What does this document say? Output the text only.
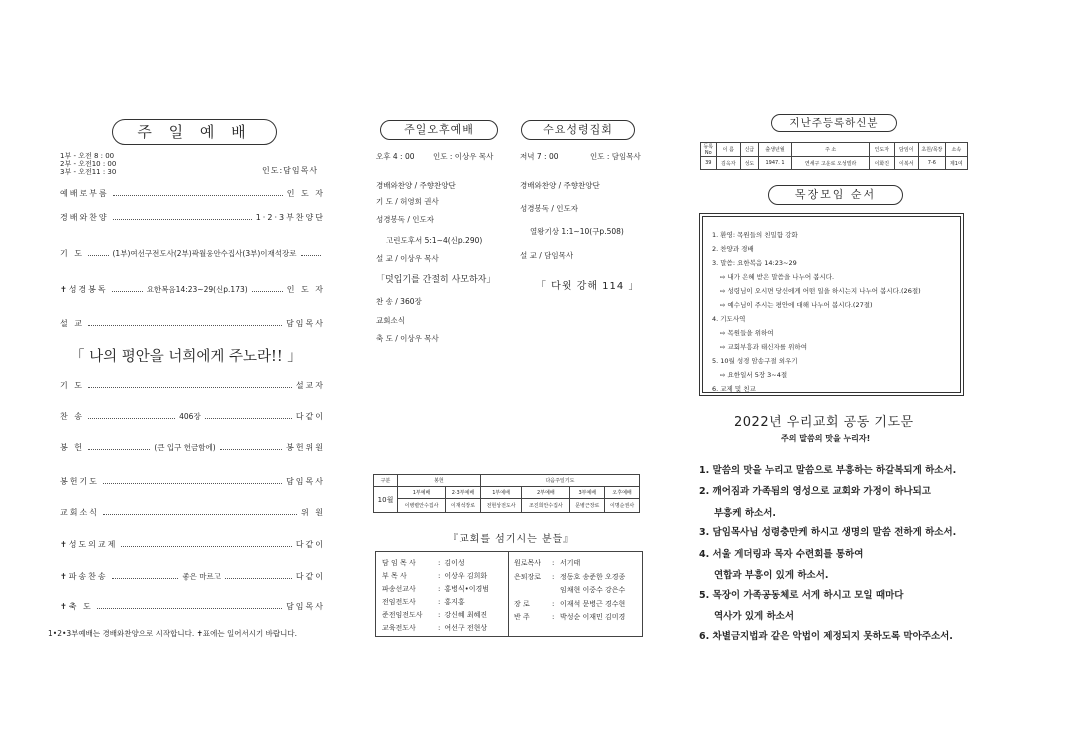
주 일 예 배
1부 - 오전 8 : 00
2부 - 오전10 : 00
3부 - 오전11 : 30	인도:담임목사
예배로부름	인 도 자
경배와찬양	1·2·3부찬양단
기 도	(1부)여선구전도사(2부)곽월웅안수집사(3부)이재석장로
✝성경봉독	요한복음14:23~29(신p.173)	인 도 자
설 교	담임목사
기 도	설교자
찬 송	406장	다같이
봉 헌	(큰 입구 헌금함에)	봉헌위원
봉헌기도	담임목사
교회소식	위 원
✝성도의교제	다같이
✝파송찬송	좋은 마르고	다같이
✝축 도	담임목사
「 나의 평안을 너희에게 주노라!! 」
1•2•3부예배는 경배와찬양으로 시작합니다. ✝표에는 일어서시기 바랍니다.
주일오후예배	수요성령집회
오후 4 : 00 인도 : 이상우 목사
경배와찬양 / 주향찬양단
기 도 / 허영희 권사
성경봉독 / 인도자
고린도후서 5:1~4(신p.290)
설 교 / 이상우 목사
「덧입기를 간절히 사모하자」
찬 송 / 360장
교회소식
축 도 / 이상우 목사
저녁 7 : 00	인도 : 담임목사
경배와찬양 / 주향찬양단
성경봉독 / 인도자
열왕기상 1:1~10(구p.508)
설 교 / 담임목사
「 다윗 강해 114 」
구분	봉헌		다음주일기도			
10월	1부예배	2·3부예배	1부예배	2부예배	3부예배	오후예배
	이병렬안수집사	이재석장로	전현상전도사	조진희안수집사	문병근장로	이명순권사
『교회를 섬기시는 분들』
담 임 목 사	: 김이성
부 목 사	: 이상우 김희화
파송선교사	: 홍병식•이경범
전임전도사	: 홍지홍
준전임전도사 : 강신혜 최혜진
교육전도사	: 여선구 전현상
원로목사 : 서기태
은퇴장로 : 정동호 송준한 오경종
임채현 이중수 강은수
장 로	: 이재석 문병근 경수현
반 주	: 박성순 이재민 김미경
지난주등록하신분
등록No	이 름	신급	출생년월	주 소	인도자	담임이	초원/목장	소속
39	김옥자	성도	1947. 1	연세구 고운로 오성빌라	이화진	이복서	7-6	제1여
목장모임 순서
1. 환영: 목원들의 친밀함 강화
2. 찬양과 경배
3. 말씀: 요한복음 14:23~29
⇨ 내가 은혜 받은 말씀을 나누어 봅시다.
⇨ 성령님이 오시면 당신에게 어떤 일을 하시는지 나누어 봅시다.(26절)
⇨ 예수님이 주시는 평안에 대해 나누어 봅시다.(27절)
4. 기도사역
⇨ 목원들을 위하여
⇨ 교회부흥과 태신자를 위하여
5. 10월 성경 암송구절 외우기
⇨ 요한일서 5장 3~4절
6. 교제 및 친교
2022년 우리교회 공동 기도문
주의 말씀의 맛을 누리자!
1. 말씀의 맛을 누리고 말씀으로 부흥하는 하갈복되게 하소서.
2. 깨어짐과 가족됨의 영성으로 교회와 가정이 하나되고
부흥케 하소서.
3. 담임목사님 성령충만케 하시고 생명의 말씀 전하게 하소서.
4. 서울 게더링과 목자 수련회를 통하여
연합과 부흥이 있게 하소서.
5. 목장이 가족공동체로 서게 하시고 모일 때마다
역사가 있게 하소서
6. 차별금지법과 같은 악법이 제정되지 못하도록 막아주소서.
